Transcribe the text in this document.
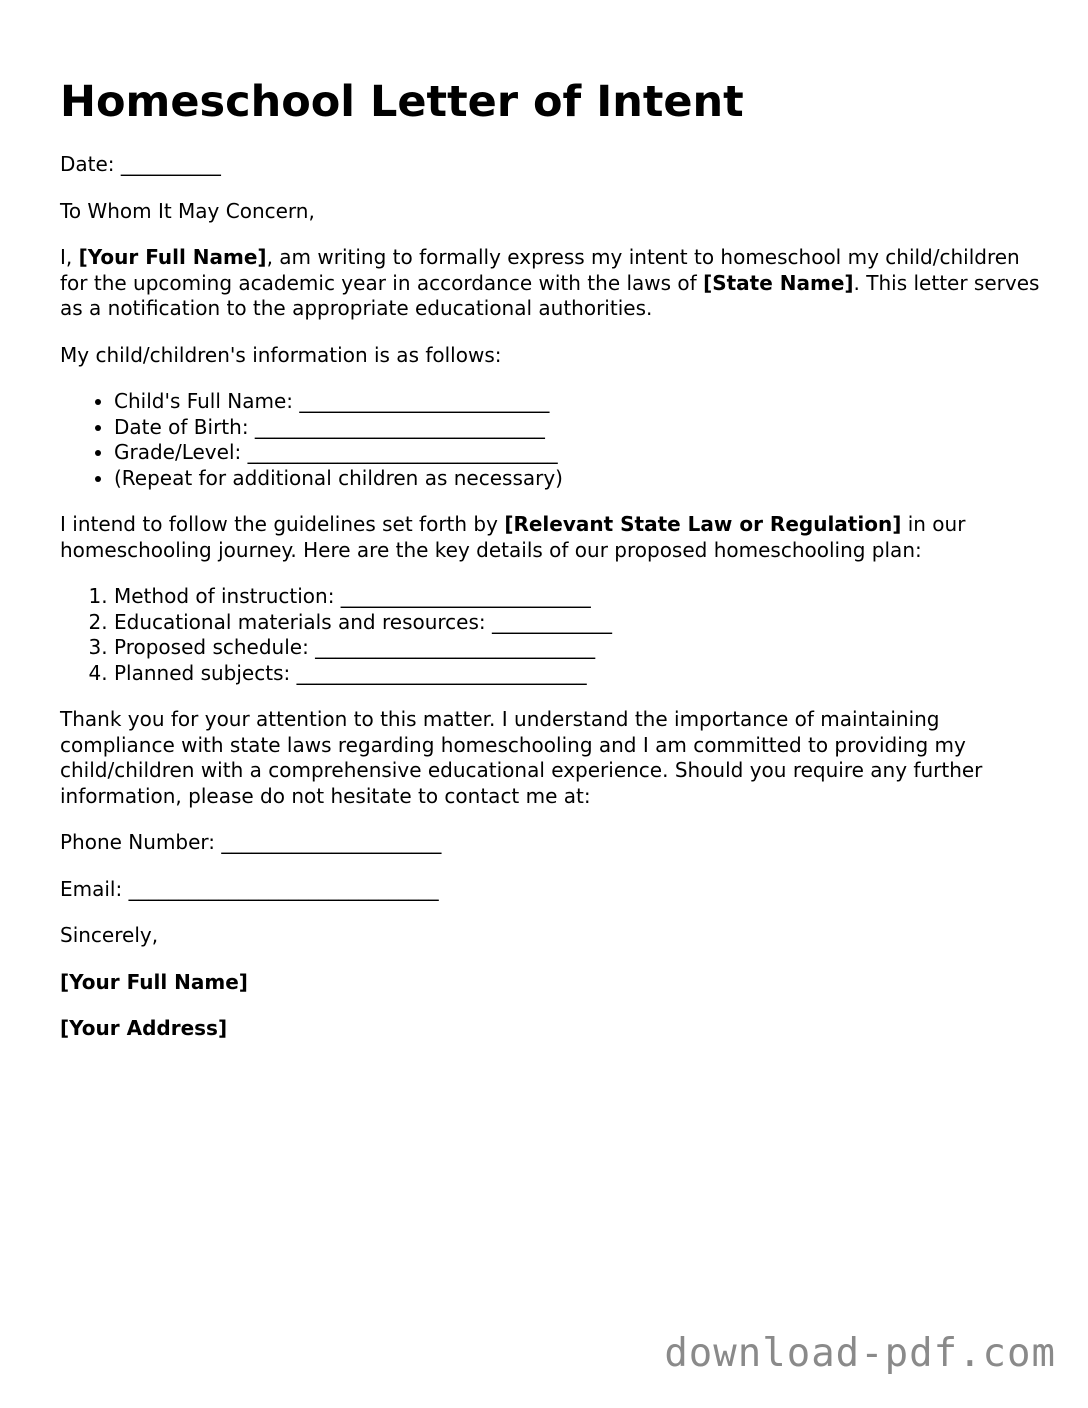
Homeschool Letter of Intent

Date: __________

To Whom It May Concern,

I, [Your Full Name], am writing to formally express my intent to homeschool my child/children for the upcoming academic year in accordance with the laws of [State Name]. This letter serves as a notification to the appropriate educational authorities.

My child/children's information is as follows:

• Child's Full Name: _________________________
• Date of Birth: _____________________________
• Grade/Level: _______________________________
• (Repeat for additional children as necessary)

I intend to follow the guidelines set forth by [Relevant State Law or Regulation] in our homeschooling journey. Here are the key details of our proposed homeschooling plan:

1. Method of instruction: _________________________
2. Educational materials and resources: ____________
3. Proposed schedule: ____________________________
4. Planned subjects: _____________________________

Thank you for your attention to this matter. I understand the importance of maintaining compliance with state laws regarding homeschooling and I am committed to providing my child/children with a comprehensive educational experience. Should you require any further information, please do not hesitate to contact me at:

Phone Number: ______________________

Email: _______________________________

Sincerely,

[Your Full Name]

[Your Address]

download-pdf.com
